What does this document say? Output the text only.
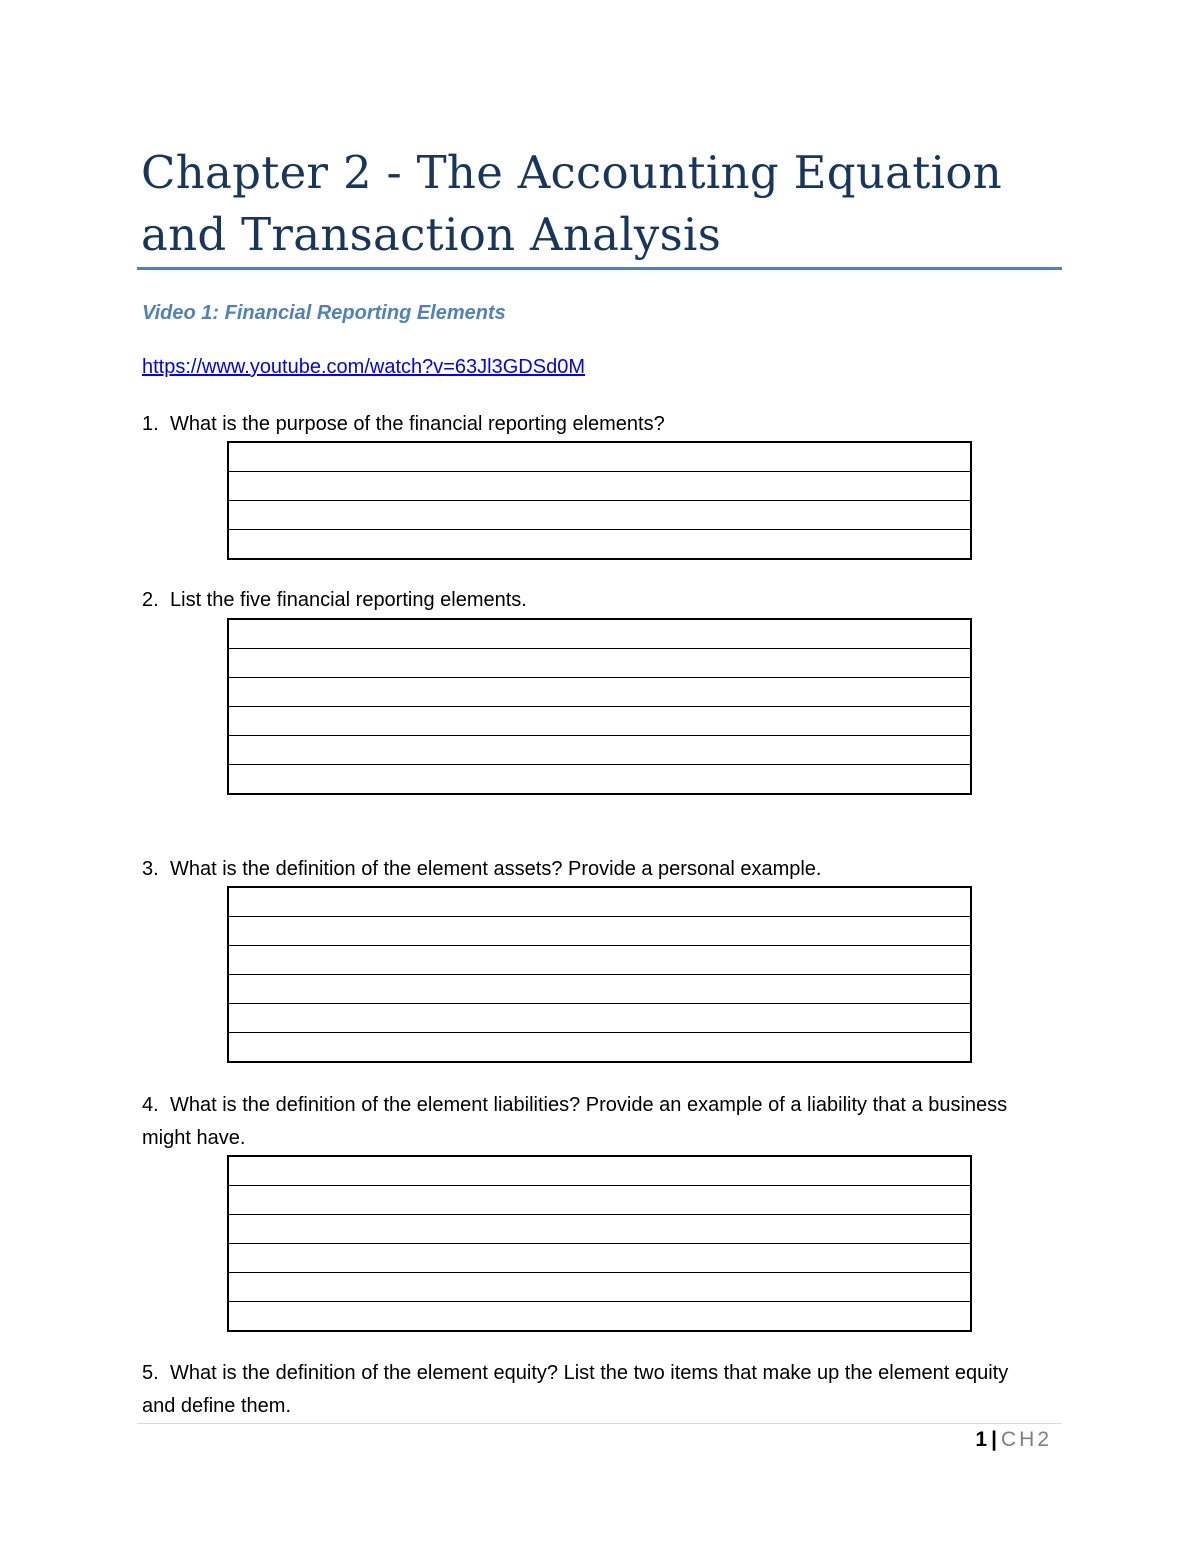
Chapter 2 - The Accounting Equation and Transaction Analysis
Video 1: Financial Reporting Elements
https://www.youtube.com/watch?v=63Jl3GDSd0M
1. What is the purpose of the financial reporting elements?
2. List the five financial reporting elements.
3. What is the definition of the element assets? Provide a personal example.
4. What is the definition of the element liabilities? Provide an example of a liability that a business might have.
5. What is the definition of the element equity? List the two items that make up the element equity and define them.
1 | CH2
